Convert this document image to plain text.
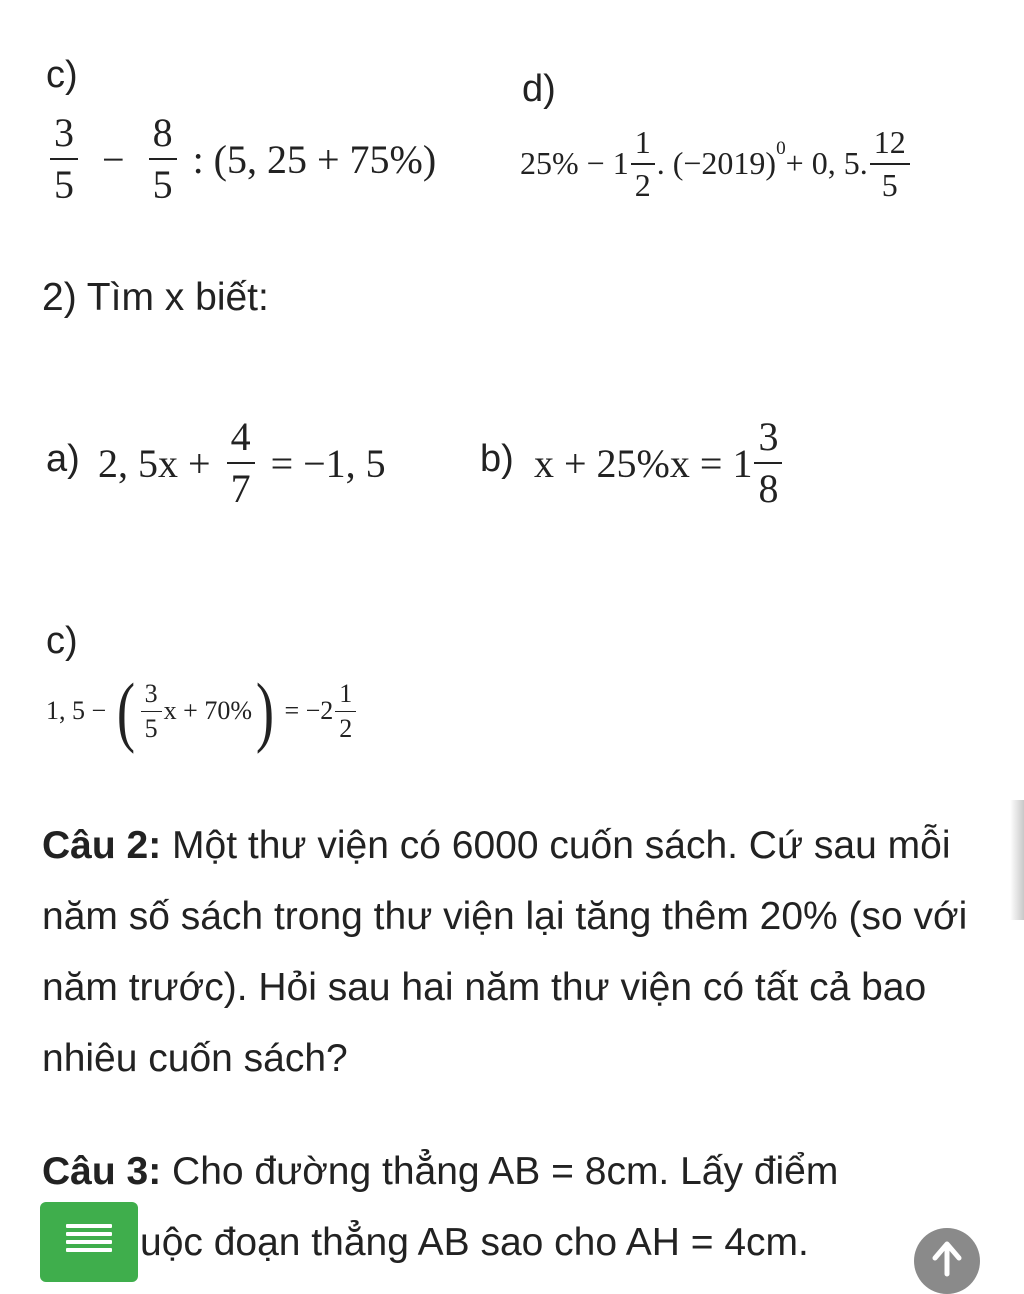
c)
$\frac{3}{5} - \frac{8}{5}$ : (5, 25 + 75%)
d)
$25\% - 1 \frac{1}{2}$ . $(-2019)^0+ 0$, 5. $\frac{12}{5}$
2) Tìm x biết:
a) 2, $5x + \frac{4}{7} = -1$, 5 b) $x + 25\%x = 1 \frac{3}{8}$
c)
1, 5 − ( $\frac{3}{5}$ $x + 70\%) = -2 \frac{1}{2}$
Câu 2: Một thư viện có 6000 cuốn sách. Cứ sau mỗi năm số sách trong thư viện lại tăng thêm 20% (so với năm trước). Hỏi sau hai năm thư viện có tất cả bao nhiêu cuốn sách?
Câu 3: Cho đường thẳng AB = 8cm. Lấy điểm
uộc đoạn thẳng AB sao cho AH = 4cm.
